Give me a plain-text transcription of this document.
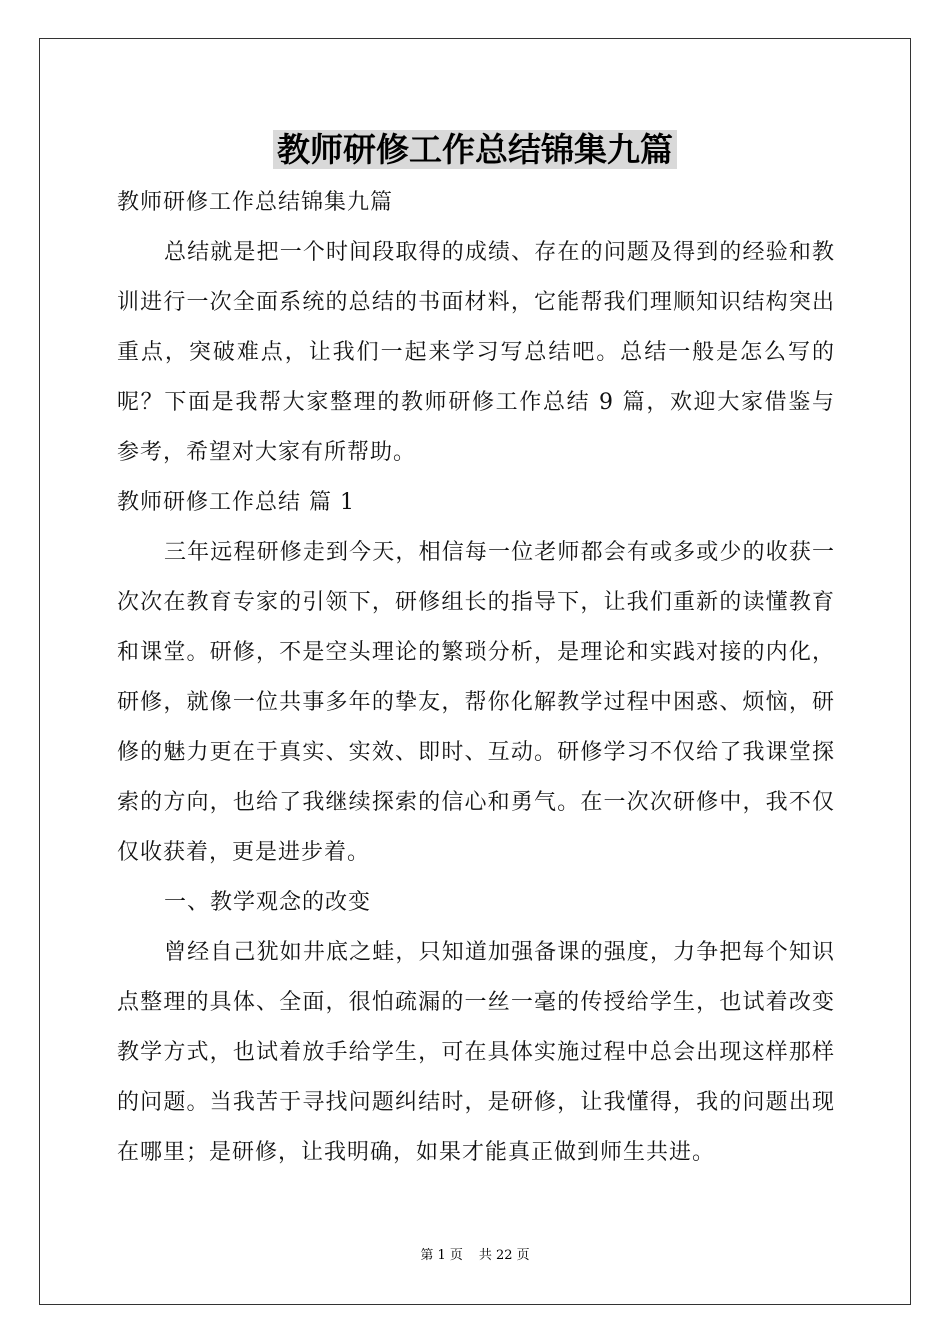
教师研修工作总结锦集九篇

教师研修工作总结锦集九篇

总结就是把一个时间段取得的成绩、存在的问题及得到的经验和教训进行一次全面系统的总结的书面材料，它能帮我们理顺知识结构突出重点，突破难点，让我们一起来学习写总结吧。总结一般是怎么写的呢？下面是我帮大家整理的教师研修工作总结 9 篇，欢迎大家借鉴与参考，希望对大家有所帮助。

教师研修工作总结 篇 1

三年远程研修走到今天，相信每一位老师都会有或多或少的收获一次次在教育专家的引领下，研修组长的指导下，让我们重新的读懂教育和课堂。研修，不是空头理论的繁琐分析，是理论和实践对接的内化，研修，就像一位共事多年的挚友，帮你化解教学过程中困惑、烦恼，研修的魅力更在于真实、实效、即时、互动。研修学习不仅给了我课堂探索的方向，也给了我继续探索的信心和勇气。在一次次研修中，我不仅仅收获着，更是进步着。

一、教学观念的改变

曾经自己犹如井底之蛙，只知道加强备课的强度，力争把每个知识点整理的具体、全面，很怕疏漏的一丝一毫的传授给学生，也试着改变教学方式，也试着放手给学生，可在具体实施过程中总会出现这样那样的问题。当我苦于寻找问题纠结时，是研修，让我懂得，我的问题出现在哪里；是研修，让我明确，如果才能真正做到师生共进。

第 1 页 共 22 页
